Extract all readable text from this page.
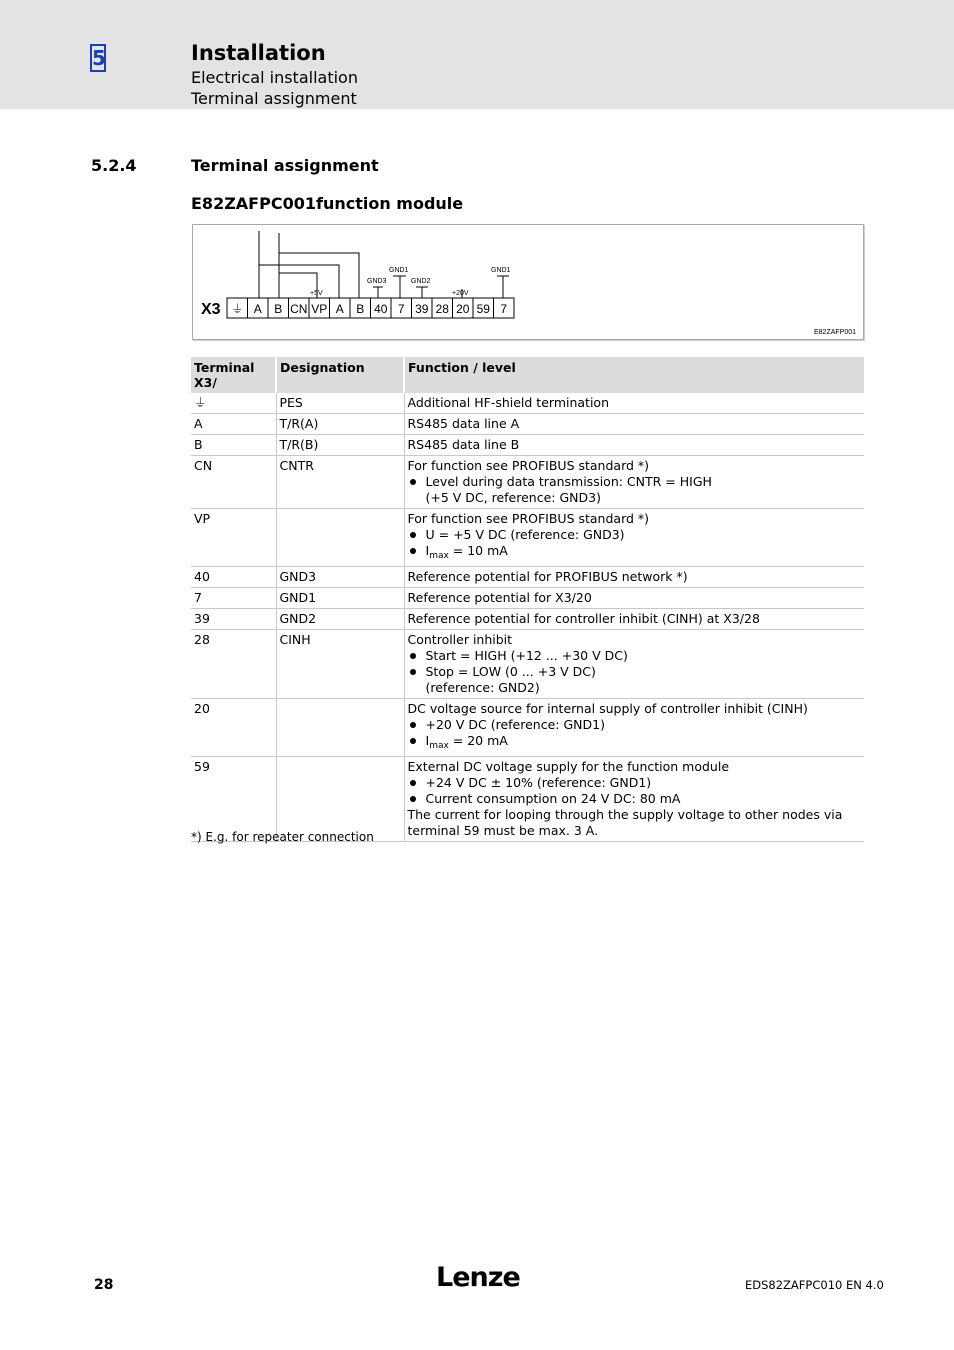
5	Installation
Electrical installation
Terminal assignment
5.2.4	Terminal assignment
E82ZAFPC001function module
⏚ A B CN VP A B 40 7 39 28 20 59 7
X3
+5V
GND3
GND1
GND2
+20V
GND1
E82ZAFP001
Terminal
X3/	Designation	Function / level
⏚	PES	Additional HF-shield termination

A	T/R(A)	RS485 data line A

B	T/R(B)	RS485 data line B

CN	CNTR	For function see PROFIBUS standard *)
Level during data transmission: CNTR = HIGH
(+5 V DC, reference: GND3)

VP		For function see PROFIBUS standard *)
U = +5 V DC (reference: GND3)
$I_{max} = 10$ mA

40	GND3	Reference potential for PROFIBUS network *)

7	GND1	Reference potential for X3/20

39	GND2	Reference potential for controller inhibit (CINH) at X3/28

28	CINH	Controller inhibit
Start = HIGH (+12 ... +30 V DC)
Stop = LOW (0 ... +3 V DC)
(reference: GND2)

20		DC voltage source for internal supply of controller inhibit (CINH)
+20 V DC (reference: GND1)
$I_{max} = 20$ mA

59		External DC voltage supply for the function module
+24 V DC ± 10% (reference: GND1)
Current consumption on 24 V DC: 80 mA
The current for looping through the supply voltage to other nodes via terminal 59 must be max. 3 A.
*) E.g. for repeater connection
28	Lenze	EDS82ZAFPC010 EN 4.0
